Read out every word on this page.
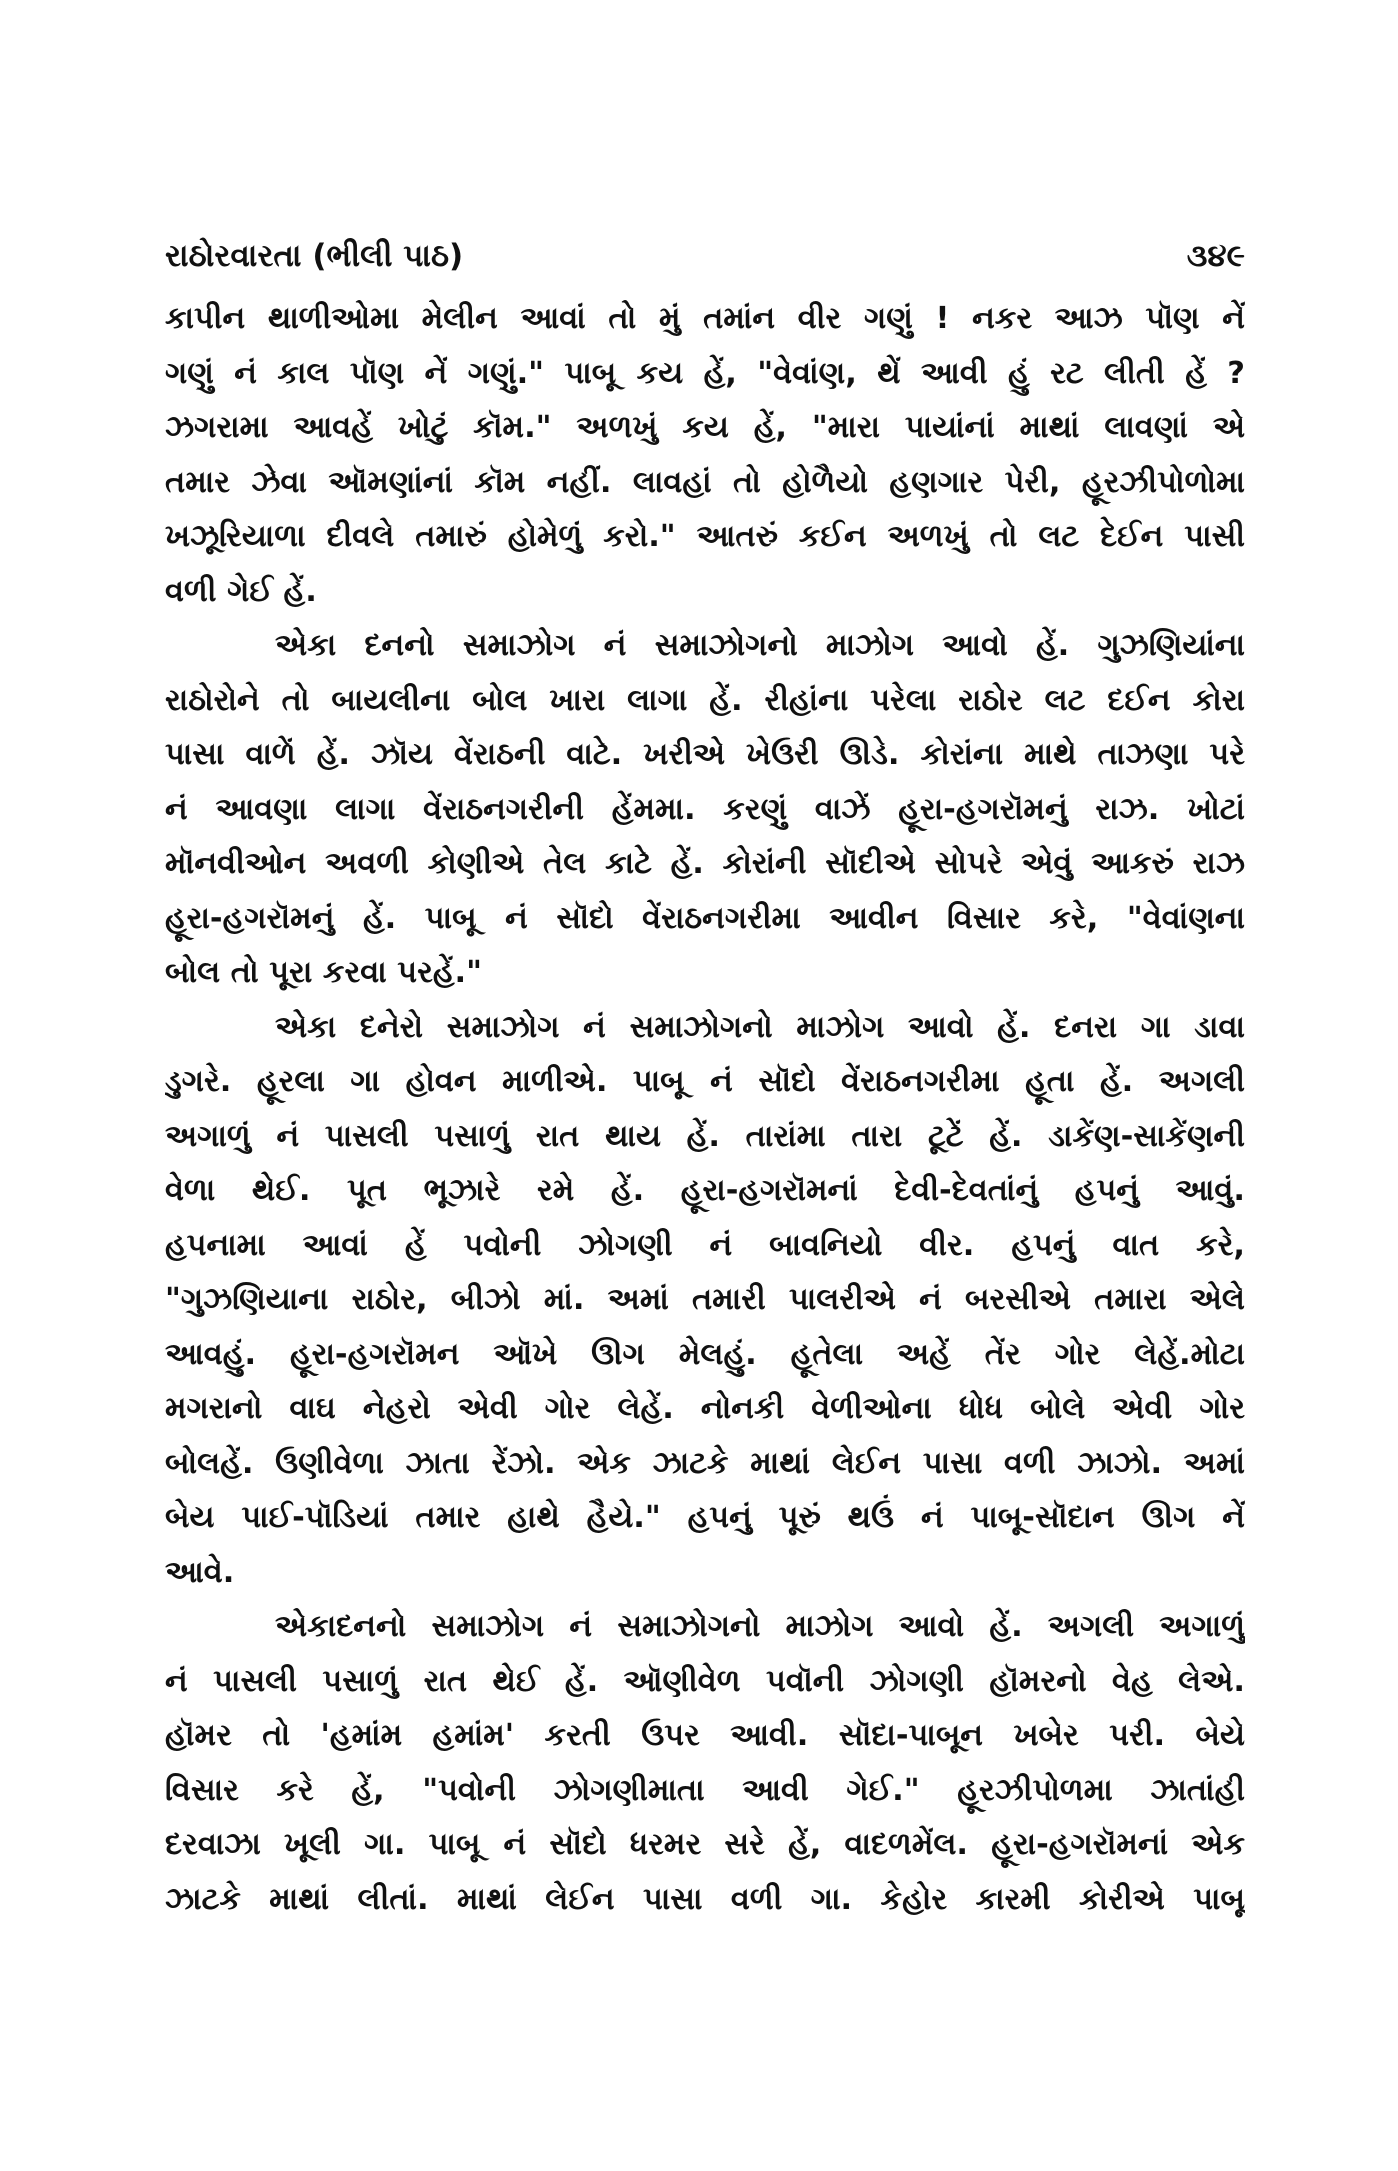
રાઠોરવારતા (ભીલી પાઠ)	૩૪૯

કાપીન થાળીઓમા મેલીન આવાં તો મું તમાંન વીર ગણું ! નકર આઝ પૉણ નેં
ગણું નં કાલ પૉણ નેં ગણું." પાબૂ કય હેં, "વેવાંણ, થેં આવી હું રટ લીતી હેં ?
ઝગરામા આવહેં ખોટું કૉમ." અળખું કય હેં, "મારા પાયાંનાં માથાં લાવણાં એ
તમાર ઝેવા ઑમણાંનાં કૉમ નહીં. લાવહાં તો હોળૈયો હણગાર પેરી, હૂરઝીપોળોમા
ખઝૂરિયાળા દીવલે તમારું હોમેળું કરો." આતરું કઈન અળખું તો લટ દેઈન પાસી
વળી ગેઈ હેં.

એકા દનનો સમાઝોગ નં સમાઝોગનો માઝોગ આવો હેં. ગુઝણિયાંના
રાઠોરોને તો બાયલીના બોલ ખારા લાગા હેં. રીહાંના પરેલા રાઠોર લટ દઈન કોરા
પાસા વાળેં હેં. ઝૉય વેંરાઠની વાટે. ખરીએ ખેઉરી ઊડે. કોરાંના માથે તાઝણા પરે
નં આવણા લાગા વેંરાઠનગરીની હેંમમા. કરણું વાઝેં હૂરા-હગરૉમનું રાઝ. ખોટાં
મૉનવીઓન અવળી કોણીએ તેલ કાટે હેં. કોરાંની સૉદીએ સોપરે એવું આકરું રાઝ
હૂરા-હગરૉમનું હેં. પાબૂ નં સૉદો વેંરાઠનગરીમા આવીન વિસાર કરે, "વેવાંણના
બોલ તો પૂરા કરવા પરહેં."

એકા દનેરો સમાઝોગ નં સમાઝોગનો માઝોગ આવો હેં. દનરા ગા ડાવા
ડુગરે. હૂરલા ગા હોવન માળીએ. પાબૂ નં સૉદો વેંરાઠનગરીમા હૂતા હેં. અગલી
અગાળું નં પાસલી પસાળું રાત થાય હેં. તારાંમા તારા ટૂટેં હેં. ડાકેંણ-સાકેંણની
વેળા થેઈ. પૂત ભૂઝારે રમે હેં. હૂરા-હગરૉમનાં દેવી-દેવતાંનું હપનું આવું.
હપનામા આવાં હેં પવોની ઝોગણી નં બાવનિયો વીર. હપનું વાત કરે,
"ગુઝણિયાના રાઠોર, બીઝો માં. અમાં તમારી પાલરીએ નં બરસીએ તમારા એલે
આવહું. હૂરા-હગરૉમન ઑખે ઊગ મેલહું. હૂતેલા અહેં તેંર ગોર લેહેં.મોટા
મગરાનો વાઘ નેહરો એવી ગોર લેહેં. નોનકી વેળીઓના ધોધ બોલે એવી ગોર
બોલહેં. ઉણીવેળા ઝાતા રેંઝો. એક ઝાટકે માથાં લેઈન પાસા વળી ઝાઝો. અમાં
બેય પાઈ-પૉડિયાં તમાર હાથે હૈયે." હપનું પૂરું થઉં નં પાબૂ-સૉદાન ઊગ નેં
આવે.

એકાદનનો સમાઝોગ નં સમાઝોગનો માઝોગ આવો હેં. અગલી અગાળું
નં પાસલી પસાળું રાત થેઈ હેં. ઑણીવેળ પવૉની ઝોગણી હૉમરનો વેહ લેએ.
હૉમર તો 'હમાંમ હમાંમ' કરતી ઉપર આવી. સૉદા-પાબૂન ખબેર પરી. બેયે
વિસાર કરે હેં, "પવોની ઝોગણીમાતા આવી ગેઈ." હૂરઝીપોળમા ઝાતાંહી
દરવાઝા ખૂલી ગા. પાબૂ નં સૉદો ધરમર સરે હેં, વાદળમેંલ. હૂરા-હગરૉમનાં એક
ઝાટકે માથાં લીતાં. માથાં લેઈન પાસા વળી ગા. કેહોર કારમી કોરીએ પાબૂ
